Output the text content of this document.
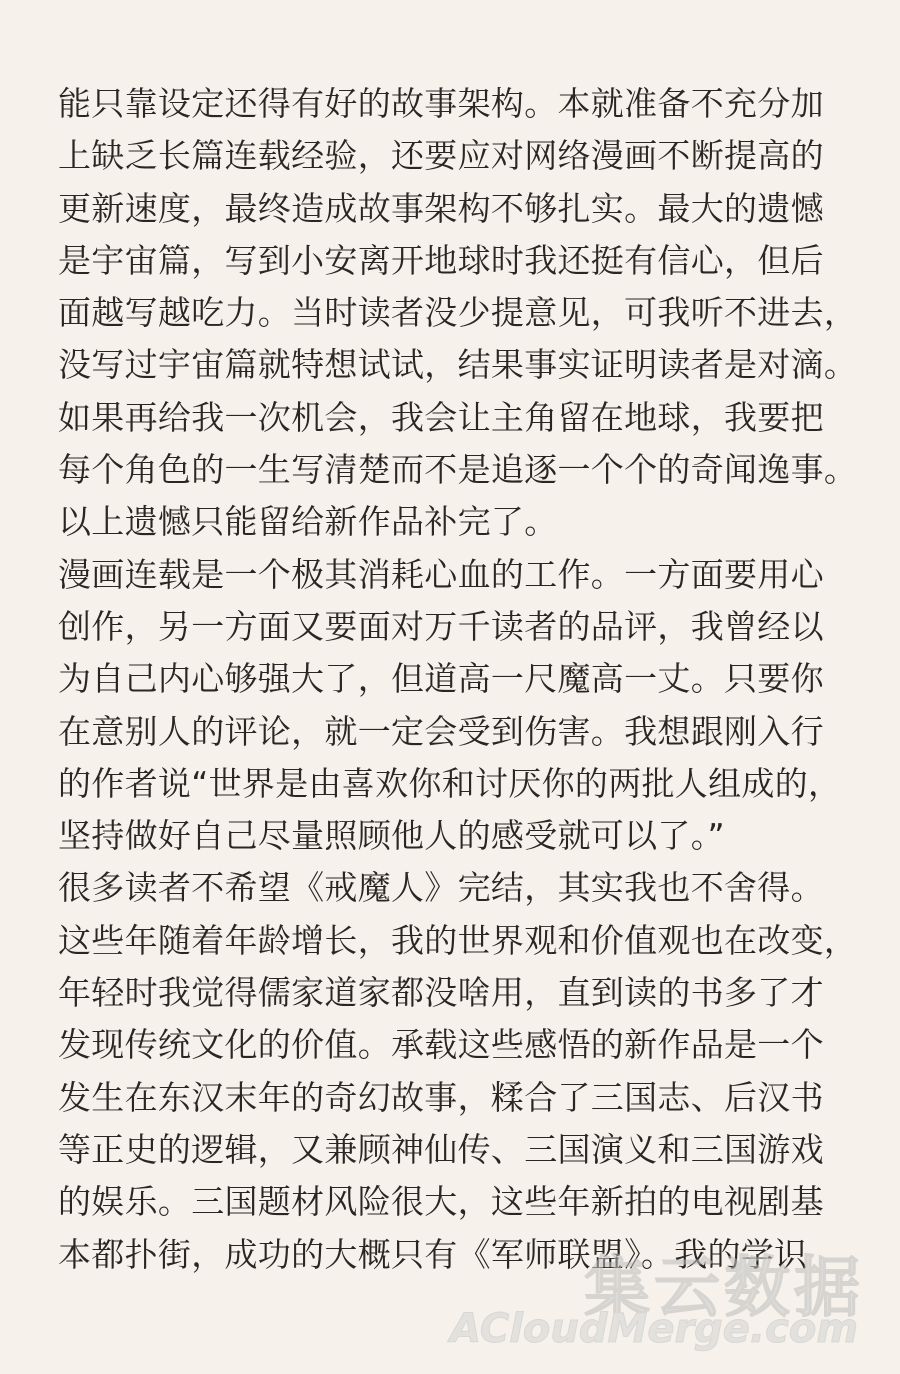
能只靠设定还得有好的故事架构。本就准备不充分加
上缺乏长篇连载经验，还要应对网络漫画不断提高的
更新速度，最终造成故事架构不够扎实。最大的遗憾
是宇宙篇，写到小安离开地球时我还挺有信心，但后
面越写越吃力。当时读者没少提意见，可我听不进去，
没写过宇宙篇就特想试试，结果事实证明读者是对滴。
如果再给我一次机会，我会让主角留在地球，我要把
每个角色的一生写清楚而不是追逐一个个的奇闻逸事。
以上遗憾只能留给新作品补完了。
漫画连载是一个极其消耗心血的工作。一方面要用心
创作，另一方面又要面对万千读者的品评，我曾经以
为自己内心够强大了，但道高一尺魔高一丈。只要你
在意别人的评论，就一定会受到伤害。我想跟刚入行
的作者说“世界是由喜欢你和讨厌你的两批人组成的，
坚持做好自己尽量照顾他人的感受就可以了。”
很多读者不希望《戒魔人》完结，其实我也不舍得。
这些年随着年龄增长，我的世界观和价值观也在改变，
年轻时我觉得儒家道家都没啥用，直到读的书多了才
发现传统文化的价值。承载这些感悟的新作品是一个
发生在东汉末年的奇幻故事，糅合了三国志、后汉书
等正史的逻辑，又兼顾神仙传、三国演义和三国游戏
的娱乐。三国题材风险很大，这些年新拍的电视剧基
本都扑街，成功的大概只有《军师联盟》。我的学识
集云数据
ACloudMerge.com
